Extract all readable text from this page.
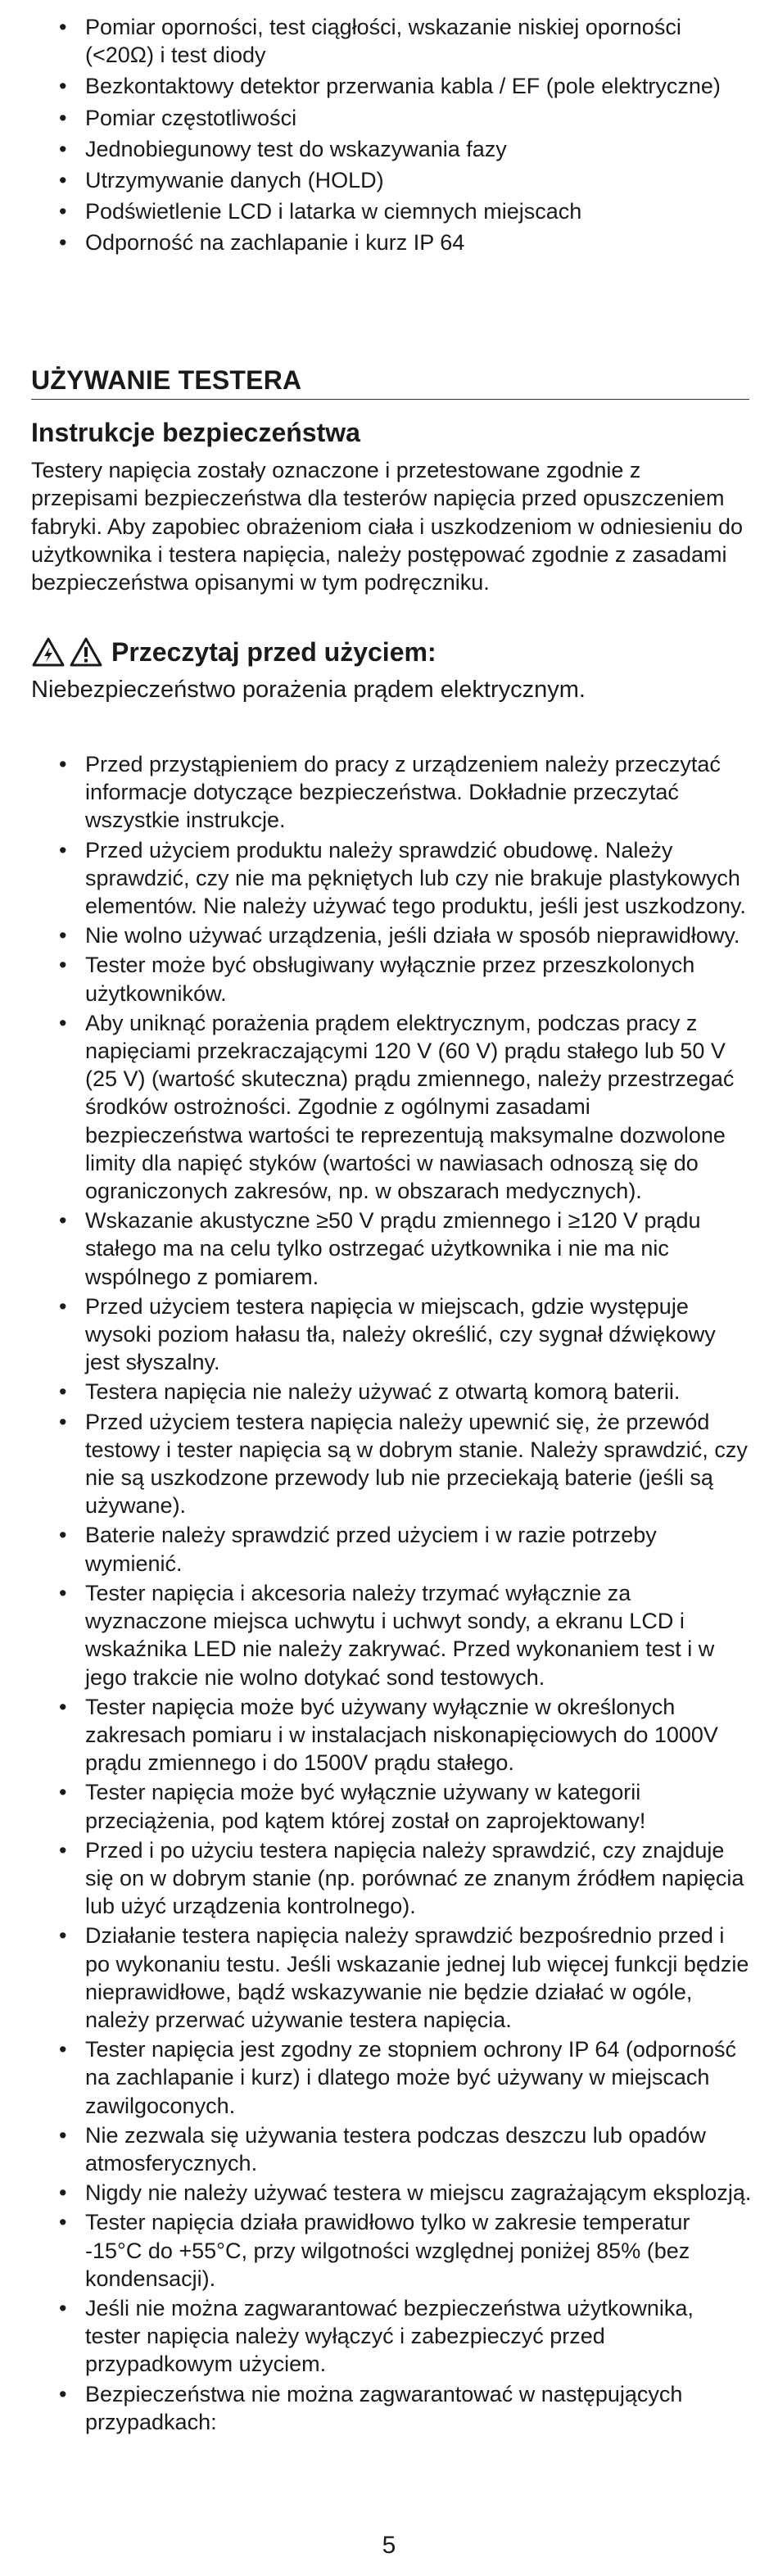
• Pomiar oporności, test ciągłości, wskazanie niskiej oporności (<20Ω) i test diody
• Bezkontaktowy detektor przerwania kabla / EF (pole elektryczne)
• Pomiar częstotliwości
• Jednobiegunowy test do wskazywania fazy
• Utrzymywanie danych (HOLD)
• Podświetlenie LCD i latarka w ciemnych miejscach
• Odporność na zachlapanie i kurz IP 64
UŻYWANIE TESTERA
Instrukcje bezpieczeństwa
Testery napięcia zostały oznaczone i przetestowane zgodnie z przepisami bezpieczeństwa dla testerów napięcia przed opuszczeniem fabryki. Aby zapobiec obrażeniom ciała i uszkodzeniom w odniesieniu do użytkownika i testera napięcia, należy postępować zgodnie z zasadami bezpieczeństwa opisanymi w tym podręczniku.
Przeczytaj przed użyciem:
Niebezpieczeństwo porażenia prądem elektrycznym.
• Przed przystąpieniem do pracy z urządzeniem należy przeczytać informacje dotyczące bezpieczeństwa. Dokładnie przeczytać wszystkie instrukcje.
• Przed użyciem produktu należy sprawdzić obudowę. Należy sprawdzić, czy nie ma pękniętych lub czy nie brakuje plastykowych elementów. Nie należy używać tego produktu, jeśli jest uszkodzony.
• Nie wolno używać urządzenia, jeśli działa w sposób nieprawidłowy.
• Tester może być obsługiwany wyłącznie przez przeszkolonych użytkowników.
• Aby uniknąć porażenia prądem elektrycznym, podczas pracy z napięciami przekraczającymi 120 V (60 V) prądu stałego lub 50 V (25 V) (wartość skuteczna) prądu zmiennego, należy przestrzegać środków ostrożności. Zgodnie z ogólnymi zasadami bezpieczeństwa wartości te reprezentują maksymalne dozwolone limity dla napięć styków (wartości w nawiasach odnoszą się do ograniczonych zakresów, np. w obszarach medycznych).
• Wskazanie akustyczne ≥50 V prądu zmiennego i ≥120 V prądu stałego ma na celu tylko ostrzegać użytkownika i nie ma nic wspólnego z pomiarem.
• Przed użyciem testera napięcia w miejscach, gdzie występuje wysoki poziom hałasu tła, należy określić, czy sygnał dźwiękowy jest słyszalny.
• Testera napięcia nie należy używać z otwartą komorą baterii.
• Przed użyciem testera napięcia należy upewnić się, że przewód testowy i tester napięcia są w dobrym stanie. Należy sprawdzić, czy nie są uszkodzone przewody lub nie przeciekają baterie (jeśli są używane).
• Baterie należy sprawdzić przed użyciem i w razie potrzeby wymienić.
• Tester napięcia i akcesoria należy trzymać wyłącznie za wyznaczone miejsca uchwytu i uchwyt sondy, a ekranu LCD i wskaźnika LED nie należy zakrywać. Przed wykonaniem test i w jego trakcie nie wolno dotykać sond testowych.
• Tester napięcia może być używany wyłącznie w określonych zakresach pomiaru i w instalacjach niskonapięciowych do 1000V prądu zmiennego i do 1500V prądu stałego.
• Tester napięcia może być wyłącznie używany w kategorii przeciążenia, pod kątem której został on zaprojektowany!
• Przed i po użyciu testera napięcia należy sprawdzić, czy znajduje się on w dobrym stanie (np. porównać ze znanym źródłem napięcia lub użyć urządzenia kontrolnego).
• Działanie testera napięcia należy sprawdzić bezpośrednio przed i po wykonaniu testu. Jeśli wskazanie jednej lub więcej funkcji będzie nieprawidłowe, bądź wskazywanie nie będzie działać w ogóle, należy przerwać używanie testera napięcia.
• Tester napięcia jest zgodny ze stopniem ochrony IP 64 (odporność na zachlapanie i kurz) i dlatego może być używany w miejscach zawilgoconych.
• Nie zezwala się używania testera podczas deszczu lub opadów atmosferycznych.
• Nigdy nie należy używać testera w miejscu zagrażającym eksplozją.
• Tester napięcia działa prawidłowo tylko w zakresie temperatur -15°C do +55°C, przy wilgotności względnej poniżej 85% (bez kondensacji).
• Jeśli nie można zagwarantować bezpieczeństwa użytkownika, tester napięcia należy wyłączyć i zabezpieczyć przed przypadkowym użyciem.
• Bezpieczeństwa nie można zagwarantować w następujących przypadkach:
5
